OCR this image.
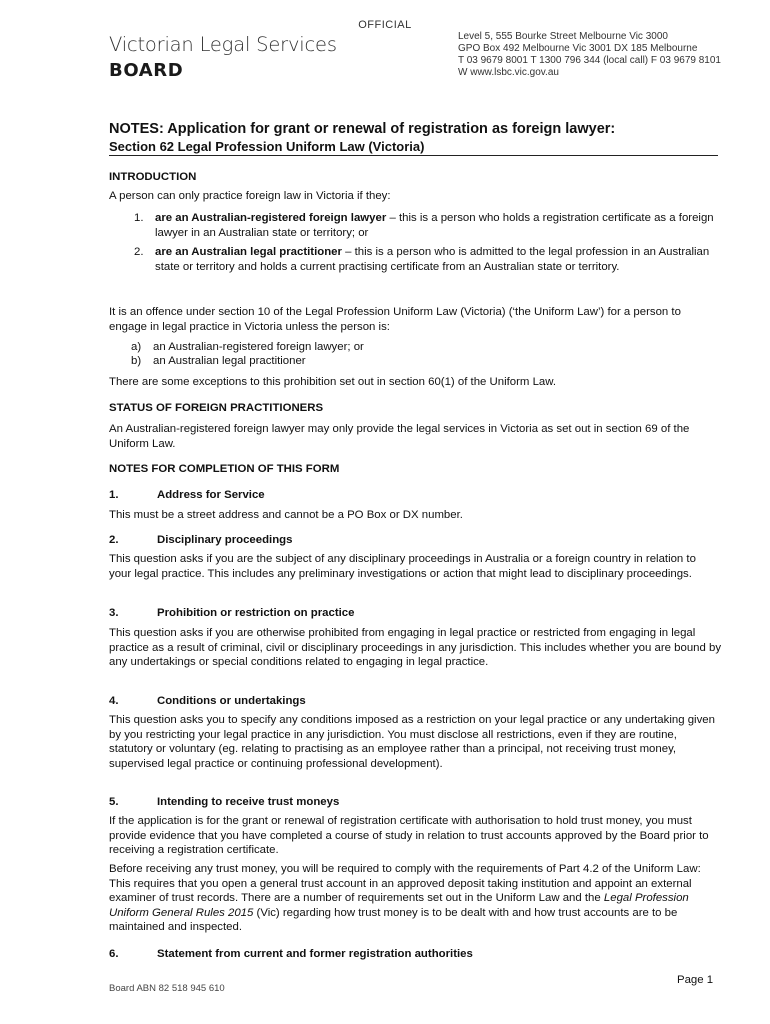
OFFICIAL
Victorian Legal Services
BOARD
Level 5, 555 Bourke Street Melbourne Vic 3000
GPO Box 492 Melbourne Vic 3001 DX 185 Melbourne
T 03 9679 8001 T 1300 796 344 (local call) F 03 9679 8101
W www.lsbc.vic.gov.au
NOTES: Application for grant or renewal of registration as foreign lawyer:
Section 62 Legal Profession Uniform Law (Victoria)
INTRODUCTION
A person can only practice foreign law in Victoria if they:
1. are an Australian-registered foreign lawyer – this is a person who holds a registration certificate as a foreign lawyer in an Australian state or territory; or
2. are an Australian legal practitioner – this is a person who is admitted to the legal profession in an Australian state or territory and holds a current practising certificate from an Australian state or territory.
It is an offence under section 10 of the Legal Profession Uniform Law (Victoria) (‘the Uniform Law’) for a person to engage in legal practice in Victoria unless the person is:
a) an Australian-registered foreign lawyer; or
b) an Australian legal practitioner
There are some exceptions to this prohibition set out in section 60(1) of the Uniform Law.
STATUS OF FOREIGN PRACTITIONERS
An Australian-registered foreign lawyer may only provide the legal services in Victoria as set out in section 69 of the Uniform Law.
NOTES FOR COMPLETION OF THIS FORM
1.	Address for Service
This must be a street address and cannot be a PO Box or DX number.
2.	Disciplinary proceedings
This question asks if you are the subject of any disciplinary proceedings in Australia or a foreign country in relation to your legal practice. This includes any preliminary investigations or action that might lead to disciplinary proceedings.
3.	Prohibition or restriction on practice
This question asks if you are otherwise prohibited from engaging in legal practice or restricted from engaging in legal practice as a result of criminal, civil or disciplinary proceedings in any jurisdiction. This includes whether you are bound by any undertakings or special conditions related to engaging in legal practice.
4.	Conditions or undertakings
This question asks you to specify any conditions imposed as a restriction on your legal practice or any undertaking given by you restricting your legal practice in any jurisdiction. You must disclose all restrictions, even if they are routine, statutory or voluntary (eg. relating to practising as an employee rather than a principal, not receiving trust money, supervised legal practice or continuing professional development).
5.	Intending to receive trust moneys
If the application is for the grant or renewal of registration certificate with authorisation to hold trust money, you must provide evidence that you have completed a course of study in relation to trust accounts approved by the Board prior to receiving a registration certificate.
Before receiving any trust money, you will be required to comply with the requirements of Part 4.2 of the Uniform Law: This requires that you open a general trust account in an approved deposit taking institution and appoint an external examiner of trust records. There are a number of requirements set out in the Uniform Law and the Legal Profession Uniform General Rules 2015 (Vic) regarding how trust money is to be dealt with and how trust accounts are to be maintained and inspected.
6.	Statement from current and former registration authorities
Page 1
Board ABN 82 518 945 610
